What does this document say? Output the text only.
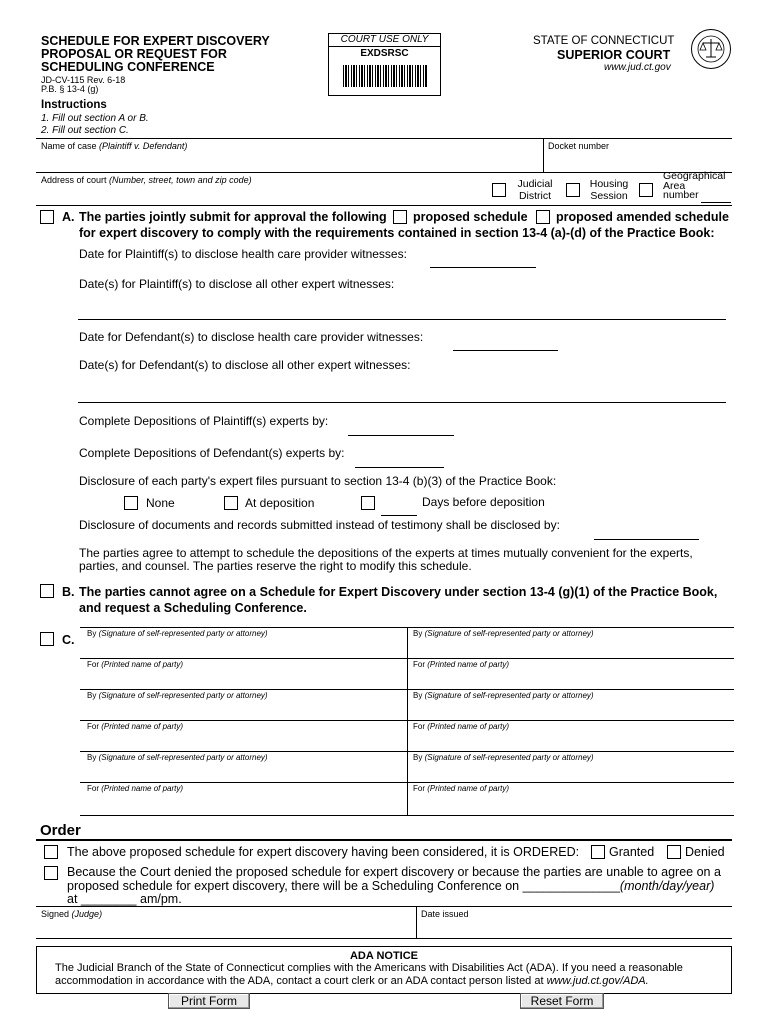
SCHEDULE FOR EXPERT DISCOVERY
PROPOSAL OR REQUEST FOR
SCHEDULING CONFERENCE
JD-CV-115 Rev. 6-18
P.B. § 13-4 (g)
COURT USE ONLY
EXDSRSC
STATE OF CONNECTICUT
SUPERIOR COURT
www.jud.ct.gov
Instructions
1. Fill out section A or B.
2. Fill out section C.
Name of case (Plaintiff v. Defendant)	Docket number
Address of court (Number, street, town and zip code)	Judicial
District
Housing
Session
Geographical
Area
number
A. The parties jointly submit for approval the following proposed schedule proposed amended schedule
for expert discovery to comply with the requirements contained in section 13-4 (a)-(d) of the Practice Book:
Date for Plaintiff(s) to disclose health care provider witnesses:
Date(s) for Plaintiff(s) to disclose all other expert witnesses:
Date for Defendant(s) to disclose health care provider witnesses:
Date(s) for Defendant(s) to disclose all other expert witnesses:
Complete Depositions of Plaintiff(s) experts by:
Complete Depositions of Defendant(s) experts by:
Disclosure of each party's expert files pursuant to section 13-4 (b)(3) of the Practice Book:
None	At deposition	Days before deposition
Disclosure of documents and records submitted instead of testimony shall be disclosed by:
The parties agree to attempt to schedule the depositions of the experts at times mutually convenient for the experts,
parties, and counsel. The parties reserve the right to modify this schedule.
B. The parties cannot agree on a Schedule for Expert Discovery under section 13-4 (g)(1) of the Practice Book,
and request a Scheduling Conference.
C. By (Signature of self-represented party or attorney)	By (Signature of self-represented party or attorney)
For (Printed name of party)	For (Printed name of party)
By (Signature of self-represented party or attorney)	By (Signature of self-represented party or attorney)
For (Printed name of party)	For (Printed name of party)
By (Signature of self-represented party or attorney)	By (Signature of self-represented party or attorney)
For (Printed name of party)	For (Printed name of party)
Order
The above proposed schedule for expert discovery having been considered, it is ORDERED: Granted Denied
Because the Court denied the proposed schedule for expert discovery or because the parties are unable to agree on a
proposed schedule for expert discovery, there will be a Scheduling Conference on ______________(month/day/year)
at ________ am/pm.
Signed (Judge)	Date issued
ADA NOTICE
The Judicial Branch of the State of Connecticut complies with the Americans with Disabilities Act (ADA). If you need a reasonable
accommodation in accordance with the ADA, contact a court clerk or an ADA contact person listed at www.jud.ct.gov/ADA.
Print Form	Reset Form
